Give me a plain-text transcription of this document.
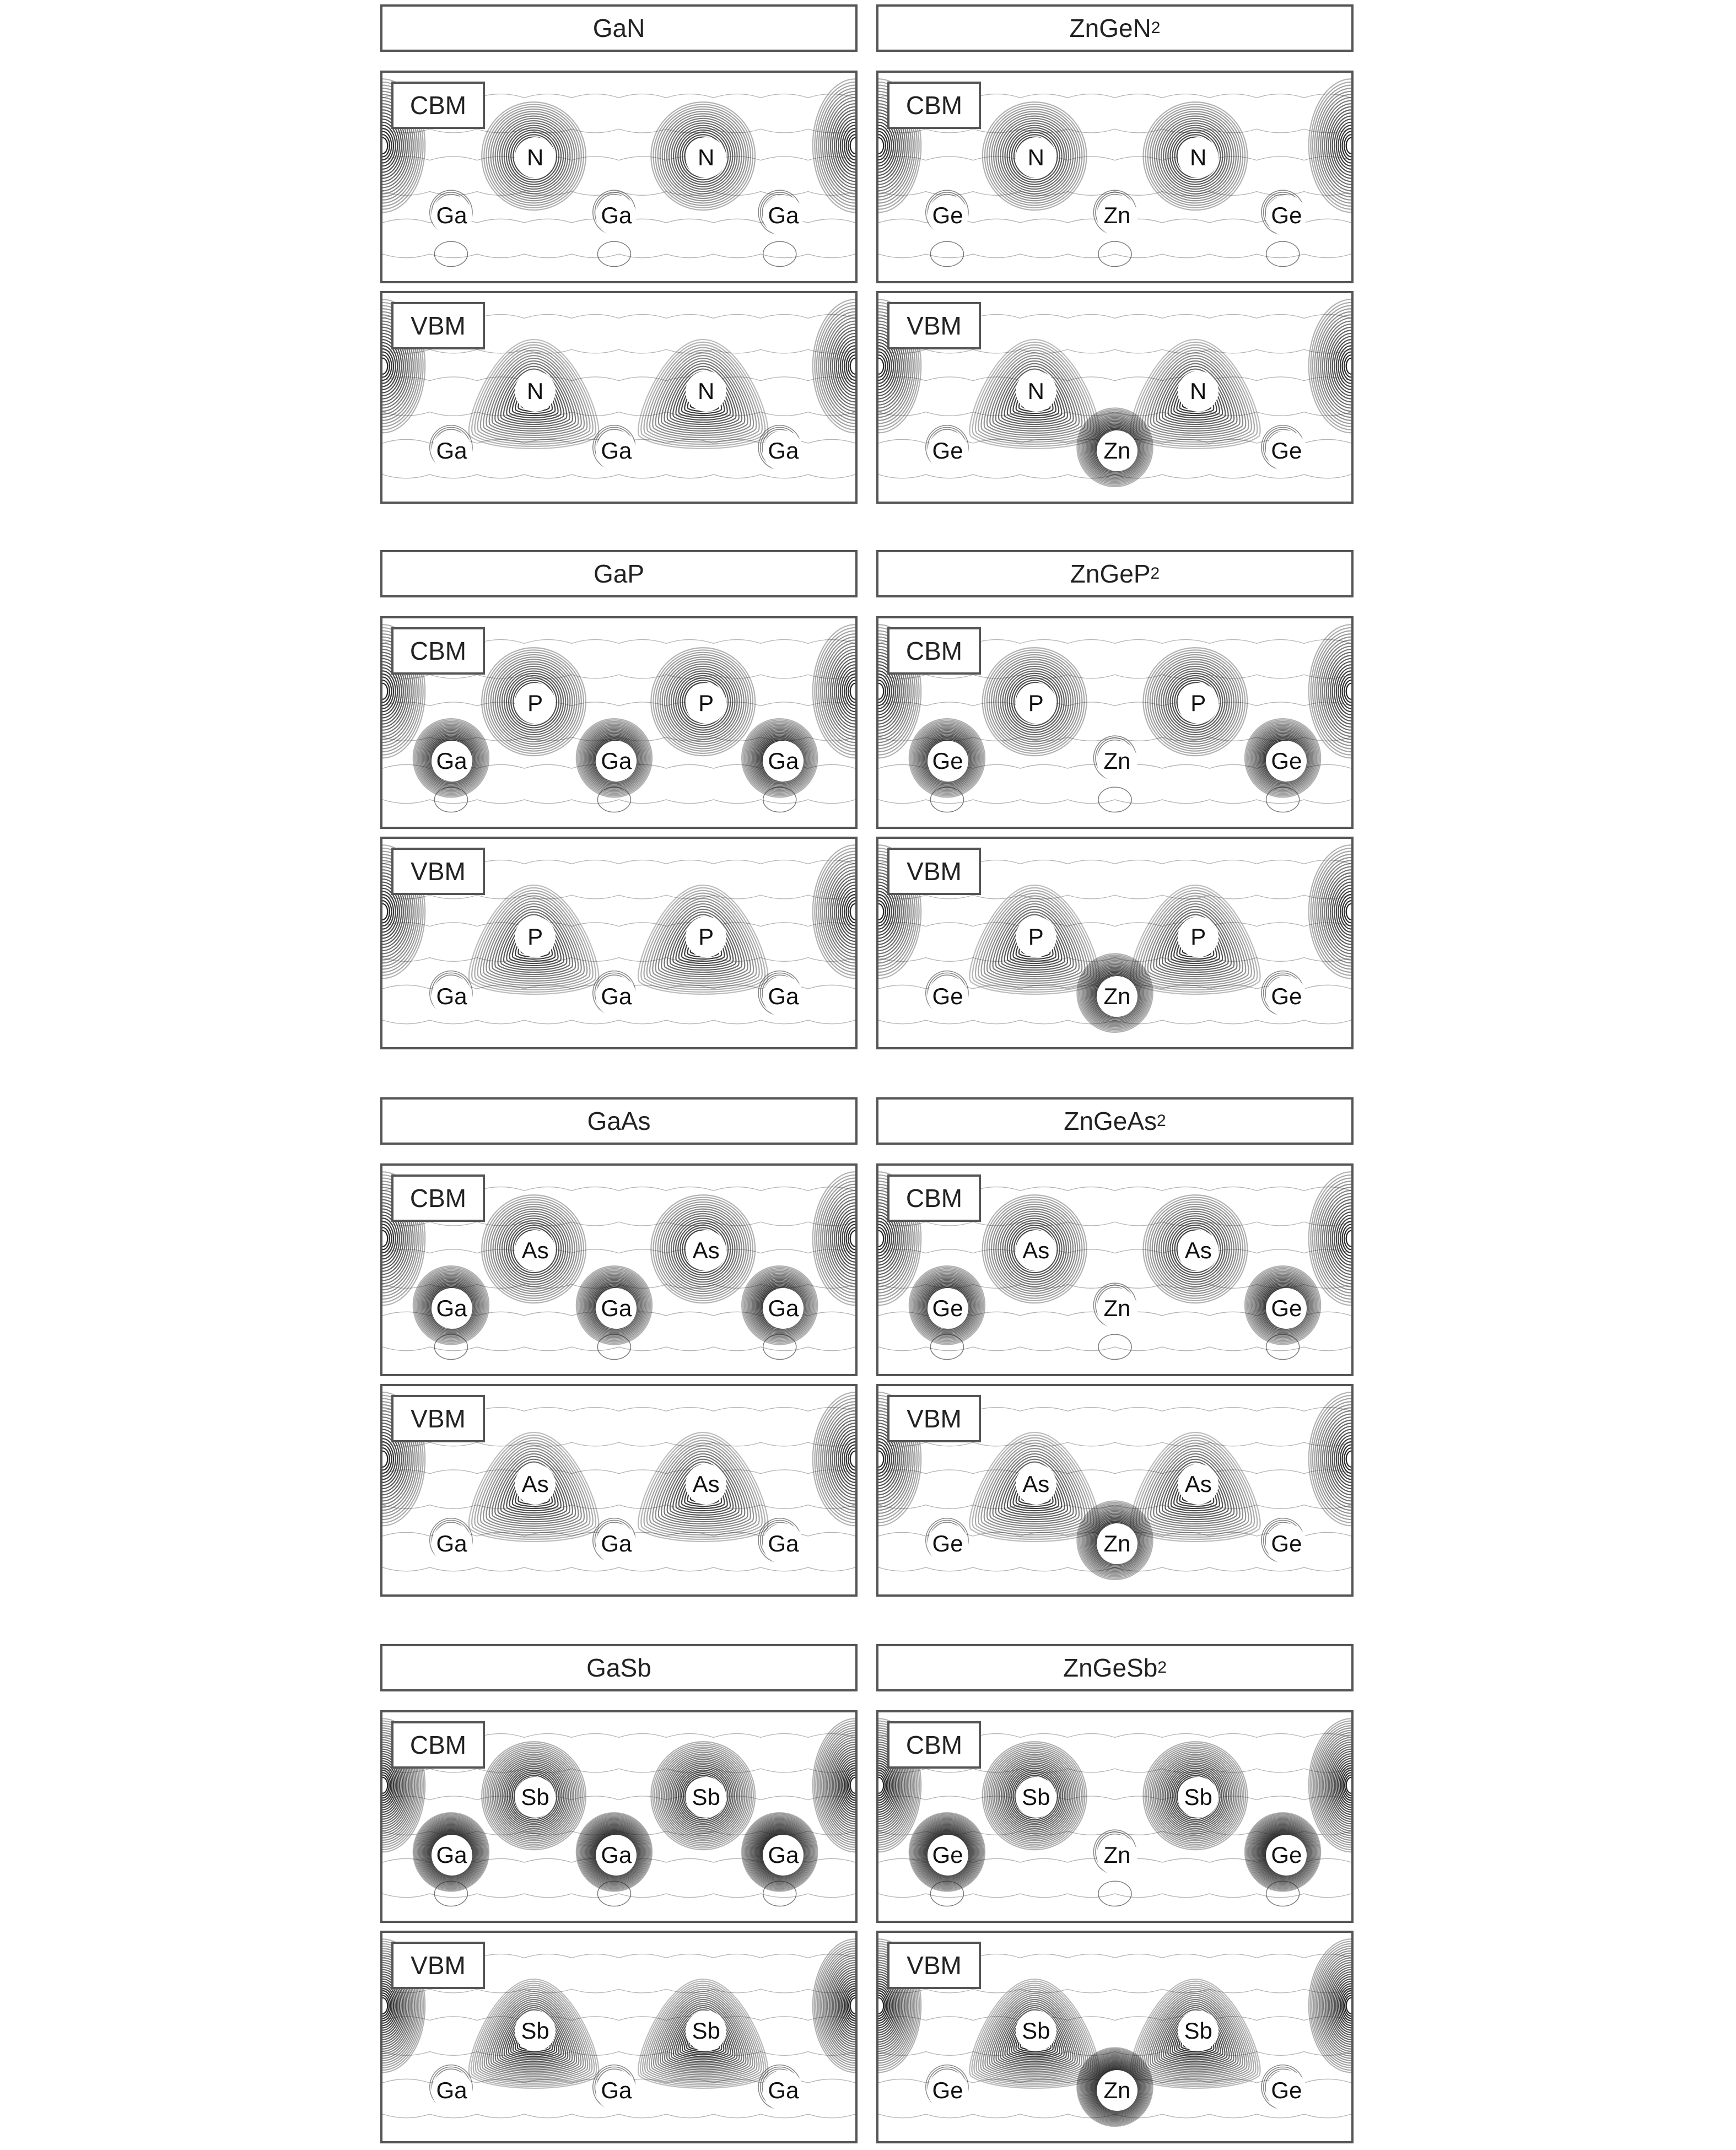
GaN
CBM
N	N
Ga	Ga	Ga
VBM
N	N
Ga	Ga	Ga
ZnGeN 2
CBM
N	N
Ge	Zn	Ge
VBM
N	N
Ge	Zn	Ge
GaP
CBM
P	P
Ga	Ga	Ga
VBM
P	P
Ga	Ga	Ga
ZnGeP 2
CBM
P	P
Ge	Zn	Ge
VBM
P	P
Ge	Zn	Ge
GaAs
CBM
As	As
Ga	Ga	Ga
VBM
As	As
Ga	Ga	Ga
ZnGeAs 2
CBM
As	As
Ge	Zn	Ge
VBM
As	As
Ge	Zn	Ge
GaSb
CBM
Sb	Sb
Ga	Ga	Ga
VBM
Sb	Sb
Ga	Ga	Ga
ZnGeSb 2
CBM
Sb	Sb
Ge	Zn	Ge
VBM
Sb	Sb
Ge	Zn	Ge
